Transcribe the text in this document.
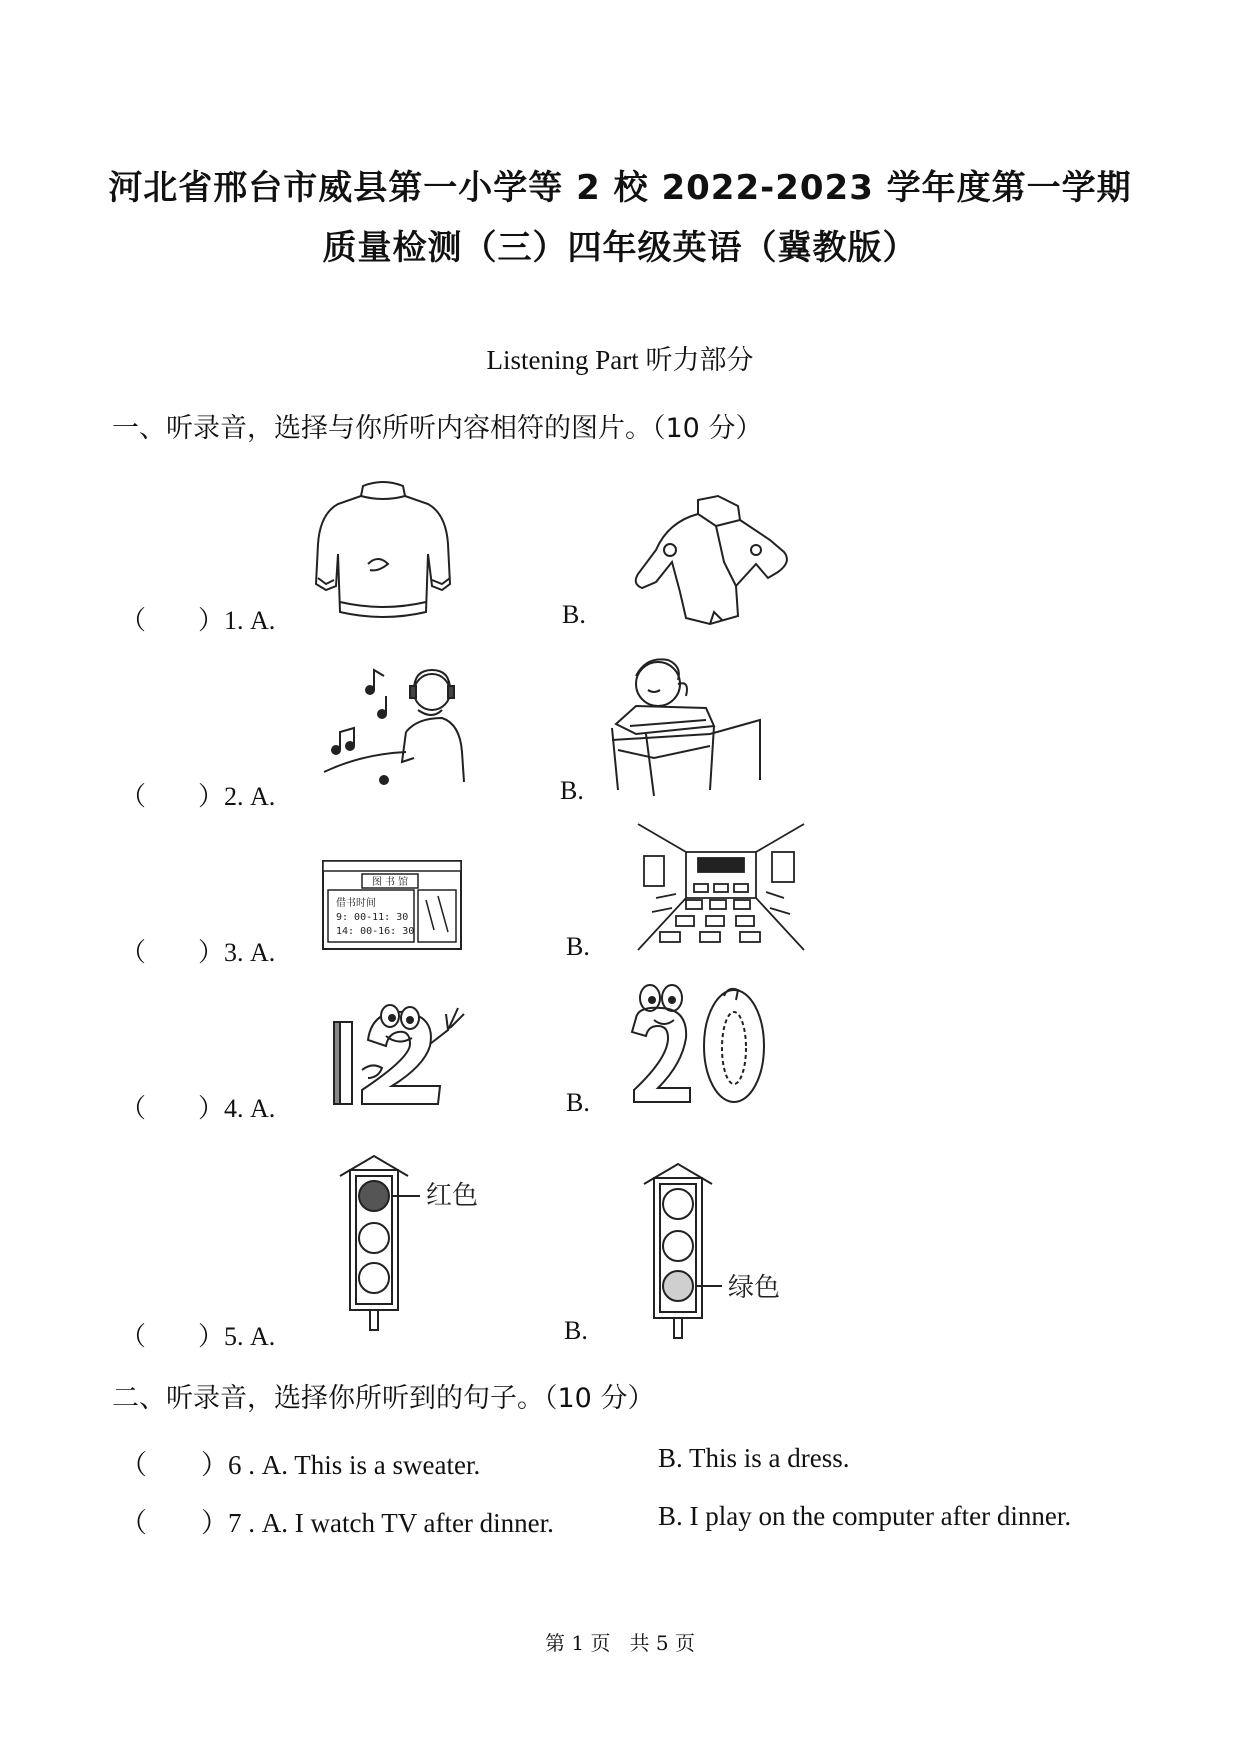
河北省邢台市威县第一小学等 2 校 2022-2023 学年度第一学期
质量检测（三）四年级英语（冀教版）
Listening Part 听力部分
一、听录音，选择与你所听内容相符的图片。（10 分）
（        ）1. A.	B.
（        ）2. A.	B.
（        ）3. A.
图 书 馆
借书时间
9: 00-11: 30
14: 00-16: 30
B.
（        ）4. A.	B.
（        ）5. A.
红色
B.
绿色
二、听录音，选择你所听到的句子。（10 分）
（        ）6 . A. This is a sweater.	B. This is a dress.
（        ）7 . A. I watch TV after dinner.	B. I play on the computer after dinner.
第 1 页   共 5 页
